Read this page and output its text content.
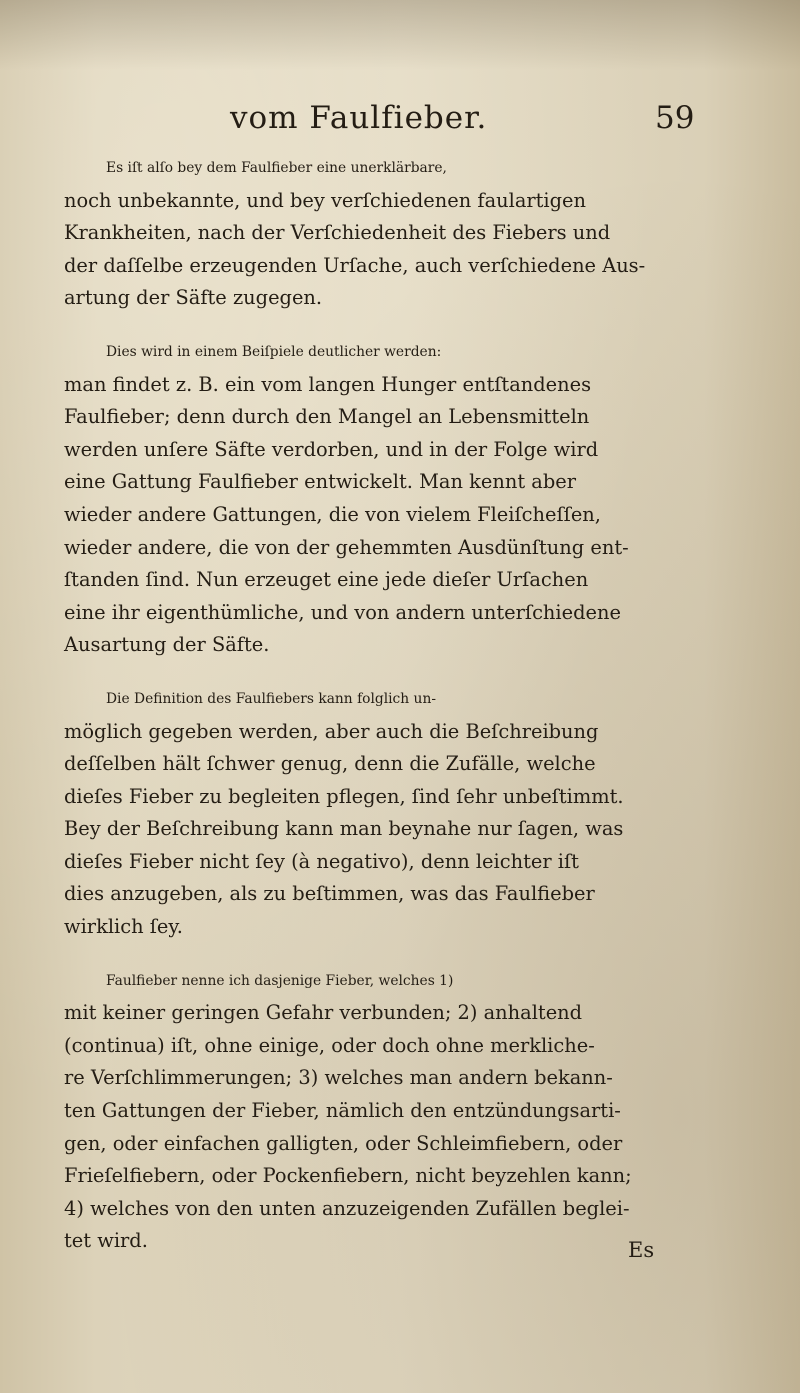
vom Faulfieber.	59

Es iſt alſo bey dem Faulfieber eine unerklärbare,
noch unbekannte, und bey verſchiedenen faulartigen
Krankheiten, nach der Verſchiedenheit des Fiebers und
der daſſelbe erzeugenden Urſache, auch verſchiedene Aus-
artung der Säfte zugegen.

Dies wird in einem Beiſpiele deutlicher werden:
man findet z. B. ein vom langen Hunger entſtandenes
Faulfieber; denn durch den Mangel an Lebensmitteln
werden unſere Säfte verdorben, und in der Folge wird
eine Gattung Faulfieber entwickelt. Man kennt aber
wieder andere Gattungen, die von vielem Fleiſcheſſen,
wieder andere, die von der gehemmten Ausdünſtung ent-
ſtanden ſind. Nun erzeuget eine jede dieſer Urſachen
eine ihr eigenthümliche, und von andern unterſchiedene
Ausartung der Säfte.

Die Definition des Faulfiebers kann folglich un-
möglich gegeben werden, aber auch die Beſchreibung
deſſelben hält ſchwer genug, denn die Zufälle, welche
dieſes Fieber zu begleiten pflegen, ſind ſehr unbeſtimmt.
Bey der Beſchreibung kann man beynahe nur ſagen, was
dieſes Fieber nicht ſey (à negativo), denn leichter iſt
dies anzugeben, als zu beſtimmen, was das Faulfieber
wirklich ſey.

Faulfieber nenne ich dasjenige Fieber, welches 1)
mit keiner geringen Gefahr verbunden; 2) anhaltend
(continua) iſt, ohne einige, oder doch ohne merkliche-
re Verſchlimmerungen; 3) welches man andern bekann-
ten Gattungen der Fieber, nämlich den entzündungsarti-
gen, oder einfachen galligten, oder Schleimfiebern, oder
Frieſelfiebern, oder Pockenfiebern, nicht beyzehlen kann;
4) welches von den unten anzuzeigenden Zufällen beglei-
tet wird.	Es
